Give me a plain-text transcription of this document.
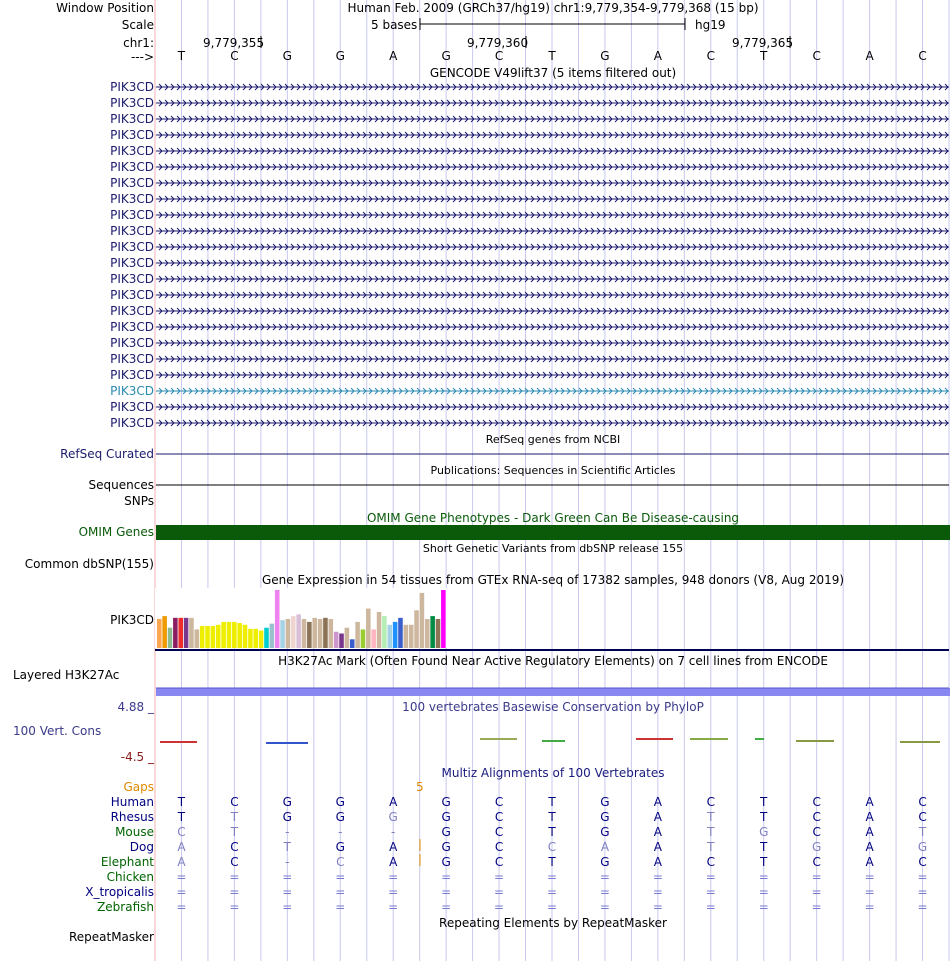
Window Position	Human Feb. 2009 (GRCh37/hg19) chr1:9,779,354-9,779,368 (15 bp)
Scale	5 bases	hg19
chr1:	9,779,355	9,779,360	9,779,365
---> T	C	G	G	A	G	C	T	G	A	C	T	C	A	C
GENCODE V49lift37 (5 items filtered out)
PIK3CD
PIK3CD
PIK3CD
PIK3CD
PIK3CD
PIK3CD
PIK3CD
PIK3CD
PIK3CD
PIK3CD
PIK3CD
PIK3CD
PIK3CD
PIK3CD
PIK3CD
PIK3CD
PIK3CD
PIK3CD
PIK3CD
PIK3CD
PIK3CD
PIK3CD
RefSeq genes from NCBI
RefSeq Curated
Publications: Sequences in Scientific Articles
Sequences
SNPs
OMIM Gene Phenotypes - Dark Green Can Be Disease-causing
OMIM Genes
Short Genetic Variants from dbSNP release 155
Common dbSNP(155)
Gene Expression in 54 tissues from GTEx RNA-seq of 17382 samples, 948 donors (V8, Aug 2019)
PIK3CD
H3K27Ac Mark (Often Found Near Active Regulatory Elements) on 7 cell lines from ENCODE
Layered H3K27Ac
100 vertebrates Basewise Conservation by PhyloP
4.88 _
100 Vert. Cons
-4.5 _
Multiz Alignments of 100 Vertebrates
Gaps	5
Human T	C	G	G	A	G	C	T	G	A	C	T	C	A	C
Rhesus T	T	G	G	G	G	C	T	G	A	T	T	C	A	C
Mouse C	T	-	-	-	G	C	T	G	A	T	G	C	A	T
Dog A	C	T	G	A	G	C	C	A	A	T	T	G	A	G
Elephant A	C	-	C	A	G	C	T	G	A	C	T	C	A	C
Chicken =	=	=	=	=	=	=	=	=	=	=	=	=	=	=
X_tropicalis =	=	=	=	=	=	=	=	=	=	=	=	=	=	=
Zebrafish =	=	=	=	=	=	=	=	=	=	=	=	=	=	=
Repeating Elements by RepeatMasker
RepeatMasker
